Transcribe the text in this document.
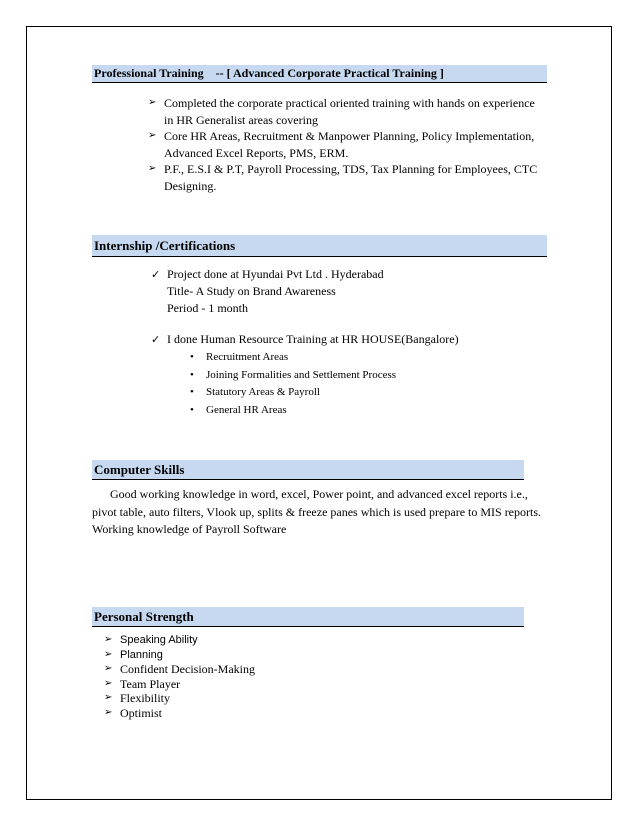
Professional Training    -- [ Advanced Corporate Practical Training ]
➢ Completed the corporate practical oriented training with hands on experience in HR Generalist areas covering
➢ Core HR Areas, Recruitment & Manpower Planning, Policy Implementation, Advanced Excel Reports, PMS, ERM.
➢ P.F., E.S.I & P.T, Payroll Processing, TDS, Tax Planning for Employees, CTC Designing.
Internship /Certifications
✓ Project done at Hyundai Pvt Ltd . Hyderabad
Title- A Study on Brand Awareness
Period - 1 month
✓ I done Human Resource Training at HR HOUSE(Bangalore)
• Recruitment Areas
• Joining Formalities and Settlement Process
• Statutory Areas & Payroll
• General HR Areas
Computer Skills

Good working knowledge in word, excel, Power point, and advanced excel reports i.e., pivot table, auto filters, Vlook up, splits & freeze panes which is used prepare to MIS reports. Working knowledge of Payroll Software

Personal Strength
➢ Speaking Ability
➢ Planning
➢ Confident Decision-Making
➢ Team Player
➢ Flexibility
➢ Optimist
